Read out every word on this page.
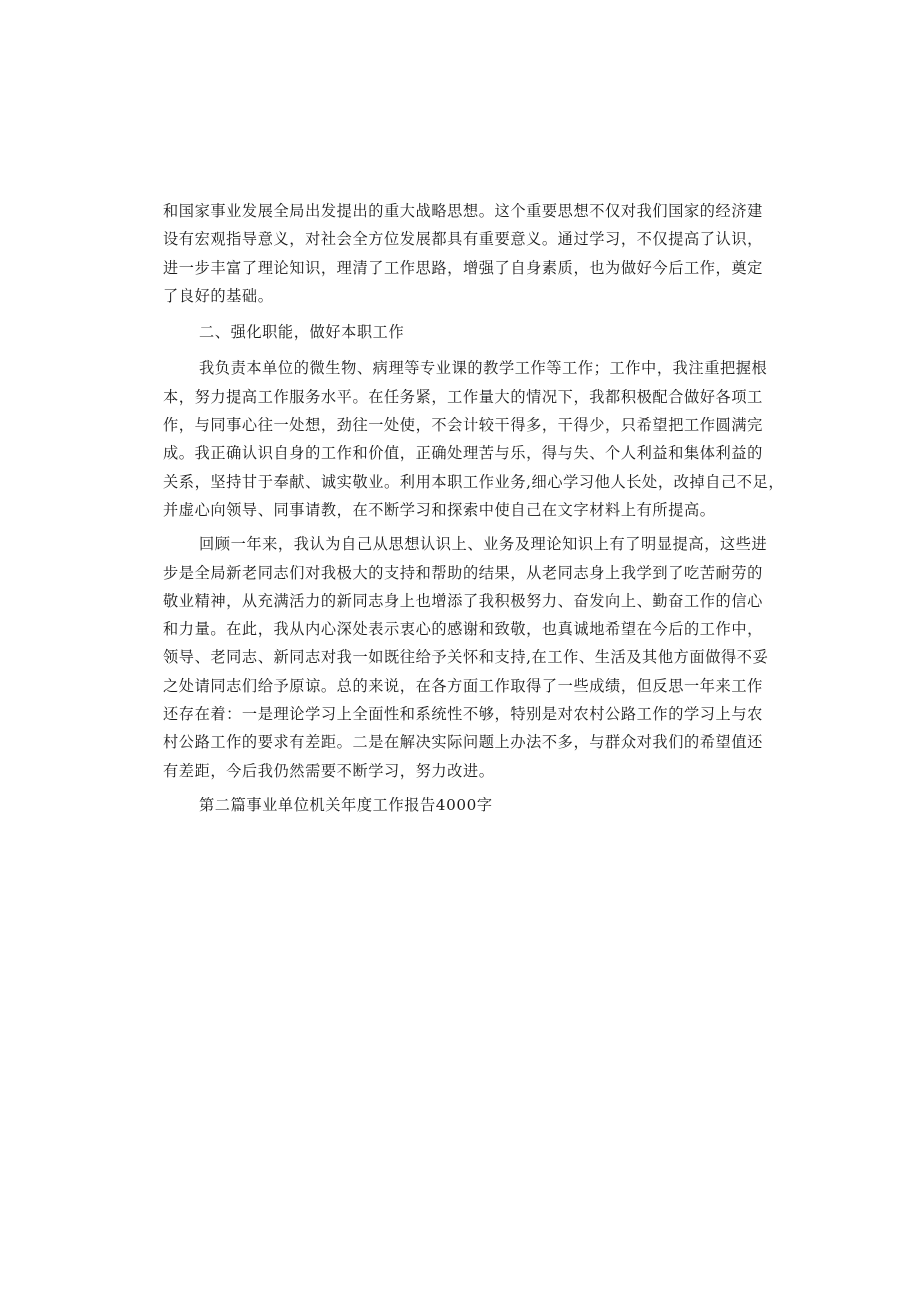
和国家事业发展全局出发提出的重大战略思想。这个重要思想不仅对我们国家的经济建
设有宏观指导意义，对社会全方位发展都具有重要意义。通过学习，不仅提高了认识，
进一步丰富了理论知识，理清了工作思路，增强了自身素质，也为做好今后工作，奠定
了良好的基础。
二、强化职能，做好本职工作
我负责本单位的微生物、病理等专业课的教学工作等工作；工作中，我注重把握根
本，努力提高工作服务水平。在任务紧，工作量大的情况下，我都积极配合做好各项工
作，与同事心往一处想，劲往一处使，不会计较干得多，干得少，只希望把工作圆满完
成。我正确认识自身的工作和价值，正确处理苦与乐，得与失、个人利益和集体利益的
关系，坚持甘于奉献、诚实敬业。利用本职工作业务,细心学习他人长处，改掉自己不足，
并虚心向领导、同事请教，在不断学习和探索中使自己在文字材料上有所提高。
回顾一年来，我认为自己从思想认识上、业务及理论知识上有了明显提高，这些进
步是全局新老同志们对我极大的支持和帮助的结果，从老同志身上我学到了吃苦耐劳的
敬业精神，从充满活力的新同志身上也增添了我积极努力、奋发向上、勤奋工作的信心
和力量。在此，我从内心深处表示衷心的感谢和致敬，也真诚地希望在今后的工作中，
领导、老同志、新同志对我一如既往给予关怀和支持,在工作、生活及其他方面做得不妥
之处请同志们给予原谅。总的来说，在各方面工作取得了一些成绩，但反思一年来工作
还存在着：一是理论学习上全面性和系统性不够，特别是对农村公路工作的学习上与农
村公路工作的要求有差距。二是在解决实际问题上办法不多，与群众对我们的希望值还
有差距，今后我仍然需要不断学习，努力改进。
第二篇事业单位机关年度工作报告4000字
